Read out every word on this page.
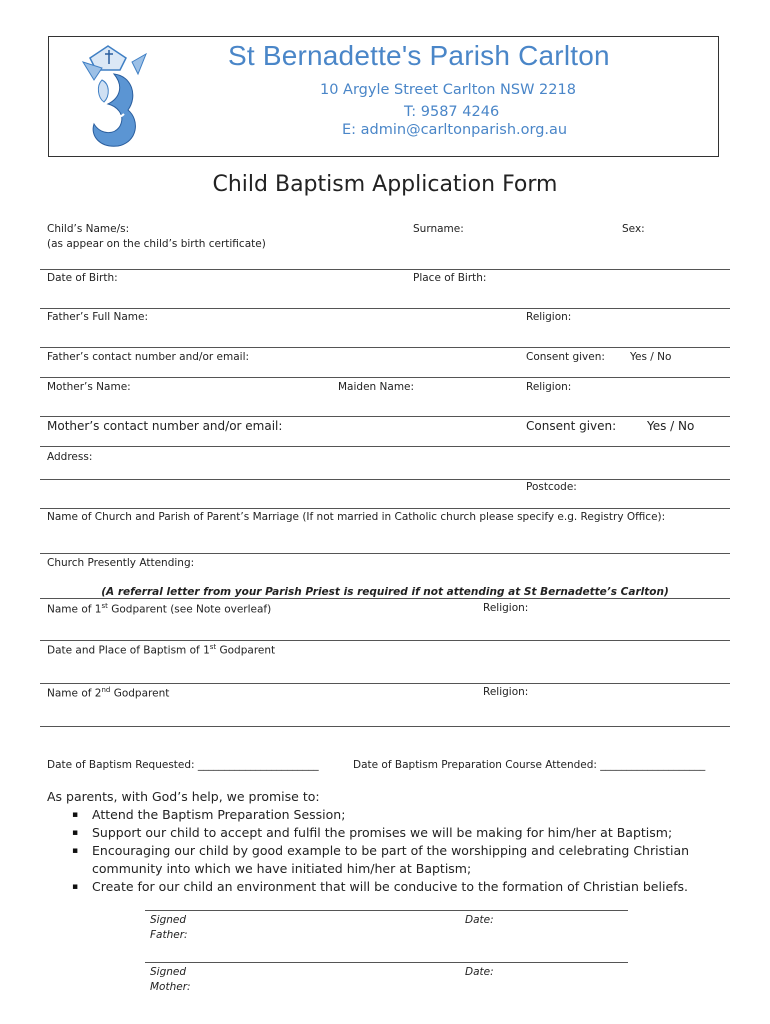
St Bernadette's Parish Carlton
10 Argyle Street Carlton NSW 2218
T: 9587 4246
E: admin@carltonparish.org.au
Child Baptism Application Form
Child’s Name/s:
(as appear on the child’s birth certificate)
Surname:	Sex:
Date of Birth:	Place of Birth:
Father’s Full Name:	Religion:
Father’s contact number and/or email:	Consent given: Yes / No
Mother’s Name:	Maiden Name:	Religion:
Mother’s contact number and/or email:	Consent given:	Yes / No
Address:
Postcode:
Name of Church and Parish of Parent’s Marriage (If not married in Catholic church please specify e.g. Registry Office):
Church Presently Attending:
(A referral letter from your Parish Priest is required if not attending at St Bernadette’s Carlton)
Name of 1st Godparent (see Note overleaf)	Religion:
Date and Place of Baptism of 1st Godparent
Name of 2nd Godparent	Religion:
Date of Baptism Requested: _______________________	Date of Baptism Preparation Course Attended: ____________________
As parents, with God’s help, we promise to:
▪ Attend the Baptism Preparation Session;
▪ Support our child to accept and fulfil the promises we will be making for him/her at Baptism;
▪ Encouraging our child by good example to be part of the worshipping and celebrating Christian
community into which we have initiated him/her at Baptism;
▪ Create for our child an environment that will be conducive to the formation of Christian beliefs.
Signed
Father:
Date:
Signed
Mother:
Date:
